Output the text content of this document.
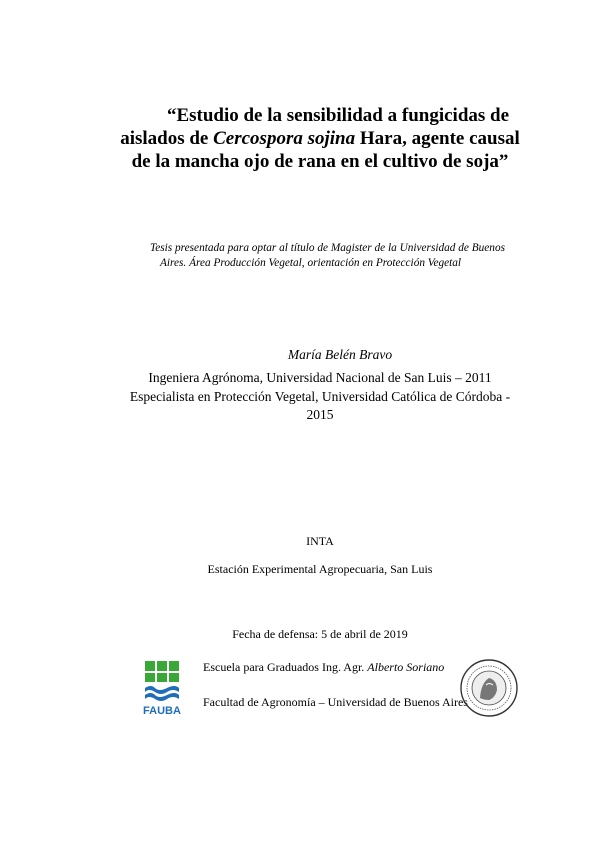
“Estudio de la sensibilidad a fungicidas de
aislados de Cercospora sojina Hara, agente causal
de la mancha ojo de rana en el cultivo de soja”
Tesis presentada para optar al título de Magister de la Universidad de Buenos

Aires. Área Producción Vegetal, orientación en Protección Vegetal
María Belén Bravo
Ingeniera Agrónoma, Universidad Nacional de San Luis – 2011
Especialista en Protección Vegetal, Universidad Católica de Córdoba -
2015
INTA
Estación Experimental Agropecuaria, San Luis
Fecha de defensa: 5 de abril de 2019
FAUBA
Escuela para Graduados Ing. Agr. Alberto Soriano
Facultad de Agronomía – Universidad de Buenos Aires
